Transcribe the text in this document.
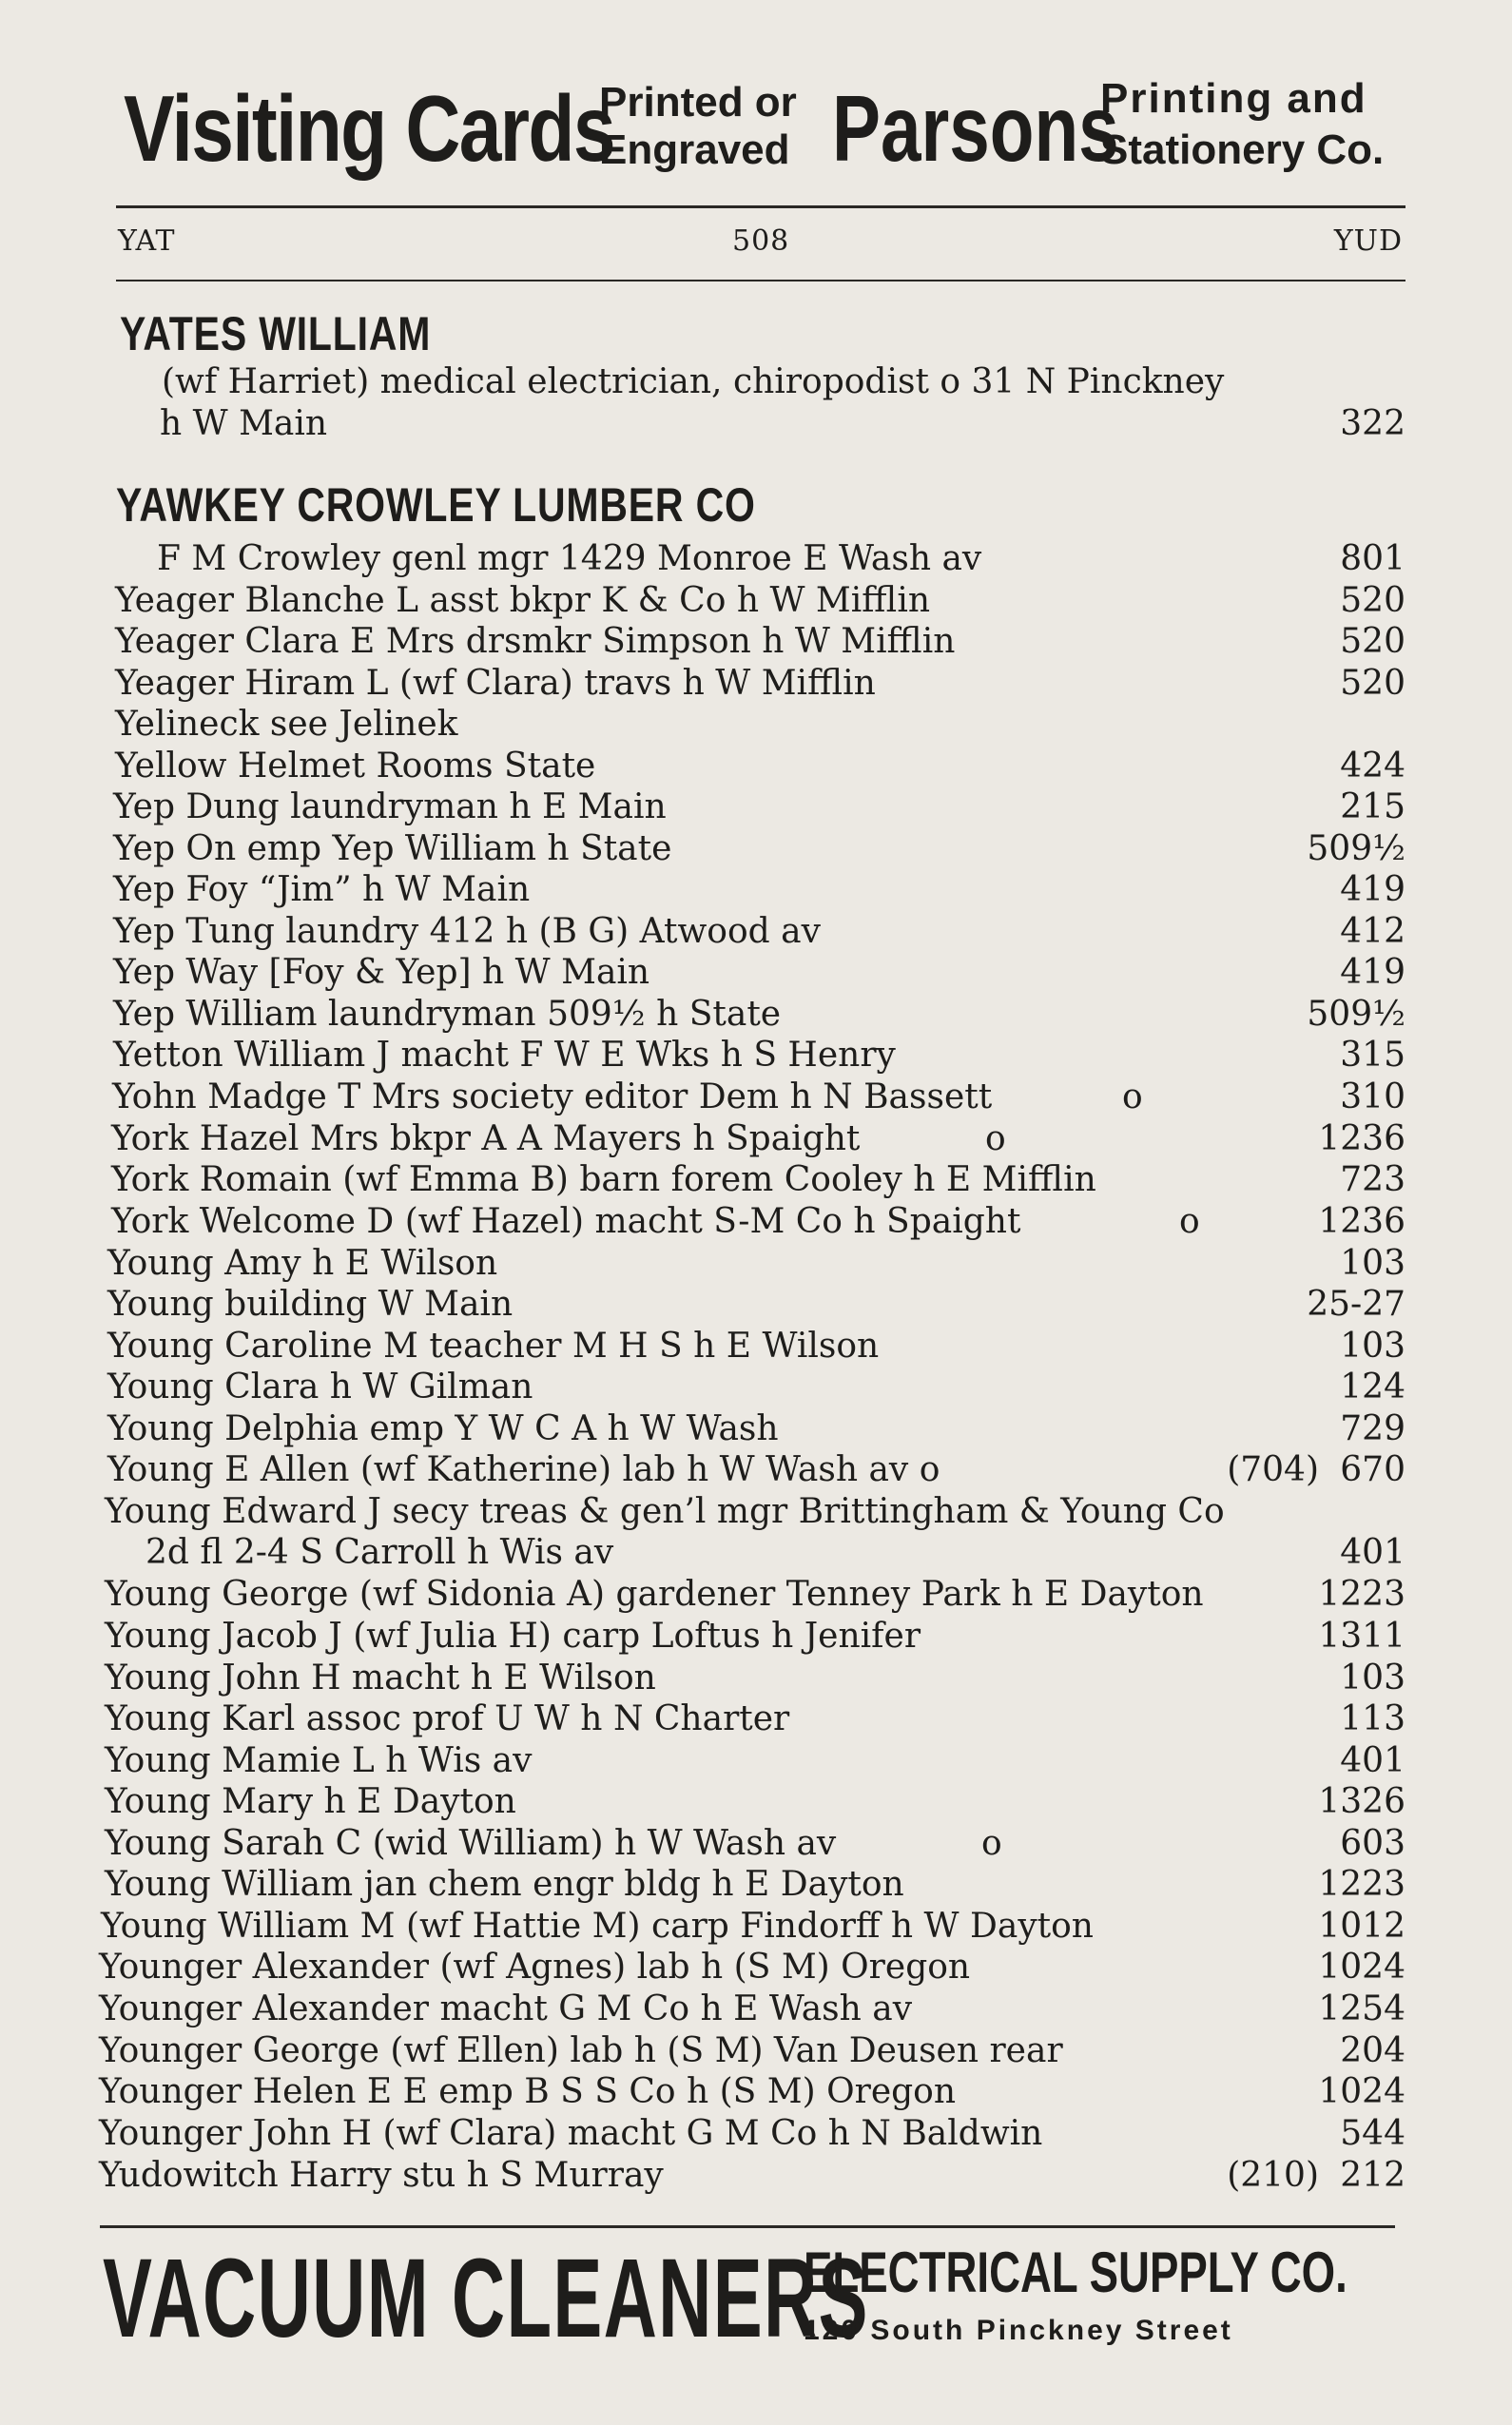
Visiting Cards
Printed or
Engraved Parsons
Printing and
Stationery Co.
YAT	508	YUD
YATES WILLIAM
YAWKEY CROWLEY LUMBER CO
(wf Harriet) medical electrician, chiropodist o 31 N Pinckney
h W Main	322
F M Crowley genl mgr 1429 Monroe E Wash av	801
Yeager Blanche L asst bkpr K & Co h W Mifflin	520
Yeager Clara E Mrs drsmkr Simpson h W Mifflin	520
Yeager Hiram L (wf Clara) travs h W Mifflin	520
Yelineck see Jelinek
Yellow Helmet Rooms State	424
Yep Dung laundryman h E Main	215
Yep On emp Yep William h State	509½
Yep Foy “Jim” h W Main	419
Yep Tung laundry 412 h (B G) Atwood av	412
Yep Way [Foy & Yep] h W Main	419
Yep William laundryman 509½ h State	509½
Yetton William J macht F W E Wks h S Henry	315
Yohn Madge T Mrs society editor Dem h N Bassett	o	310
York Hazel Mrs bkpr A A Mayers h Spaight	o	1236
York Romain (wf Emma B) barn forem Cooley h E Mifflin	723
York Welcome D (wf Hazel) macht S-M Co h Spaight	o	1236
Young Amy h E Wilson	103
Young building W Main	25-27
Young Caroline M teacher M H S h E Wilson	103
Young Clara h W Gilman	124
Young Delphia emp Y W C A h W Wash	729
Young E Allen (wf Katherine) lab h W Wash av o	(704) 670
Young Edward J secy treas & gen’l mgr Brittingham & Young Co
2d fl 2-4 S Carroll h Wis av	401
Young George (wf Sidonia A) gardener Tenney Park h E Dayton	1223
Young Jacob J (wf Julia H) carp Loftus h Jenifer	1311
Young John H macht h E Wilson	103
Young Karl assoc prof U W h N Charter	113
Young Mamie L h Wis av	401
Young Mary h E Dayton	1326
Young Sarah C (wid William) h W Wash av	o	603
Young William jan chem engr bldg h E Dayton	1223
Young William M (wf Hattie M) carp Findorff h W Dayton	1012
Younger Alexander (wf Agnes) lab h (S M) Oregon	1024
Younger Alexander macht G M Co h E Wash av	1254
Younger George (wf Ellen) lab h (S M) Van Deusen rear	204
Younger Helen E E emp B S S Co h (S M) Oregon	1024
Younger John H (wf Clara) macht G M Co h N Baldwin	544
Yudowitch Harry stu h S Murray	(210) 212
VACUUM CLEANERS
ELECTRICAL SUPPLY CO.
120 South Pinckney Street
